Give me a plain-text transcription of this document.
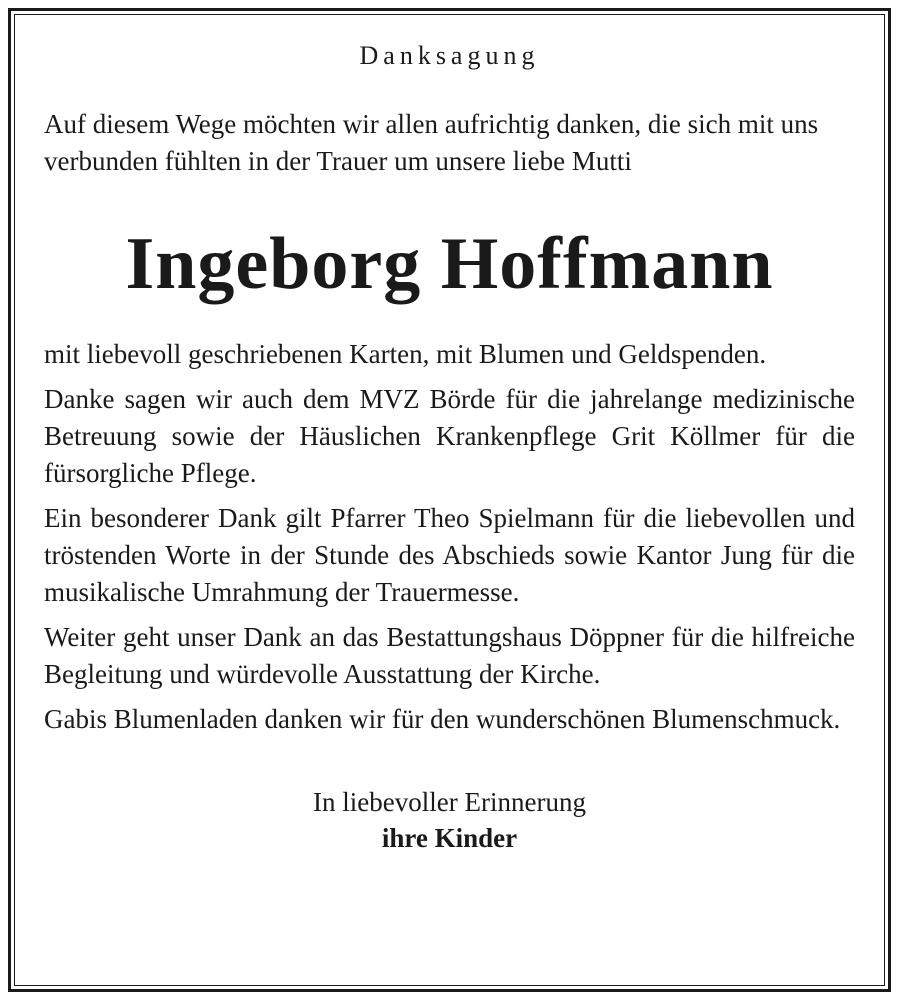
Danksagung

Auf diesem Wege möchten wir allen aufrichtig danken, die sich mit uns verbunden fühlten in der Trauer um unsere liebe Mutti

Ingeborg Hoffmann

mit liebevoll geschriebenen Karten, mit Blumen und Geldspenden.

Danke sagen wir auch dem MVZ Börde für die jahrelange medizinische Betreuung sowie der Häuslichen Krankenpflege Grit Köllmer für die fürsorgliche Pflege.

Ein besonderer Dank gilt Pfarrer Theo Spielmann für die liebevollen und tröstenden Worte in der Stunde des Abschieds sowie Kantor Jung für die musikalische Umrahmung der Trauermesse.

Weiter geht unser Dank an das Bestattungshaus Döppner für die hilfreiche Begleitung und würdevolle Ausstattung der Kirche.

Gabis Blumenladen danken wir für den wunderschönen Blumenschmuck.

In liebevoller Erinnerung
ihre Kinder
